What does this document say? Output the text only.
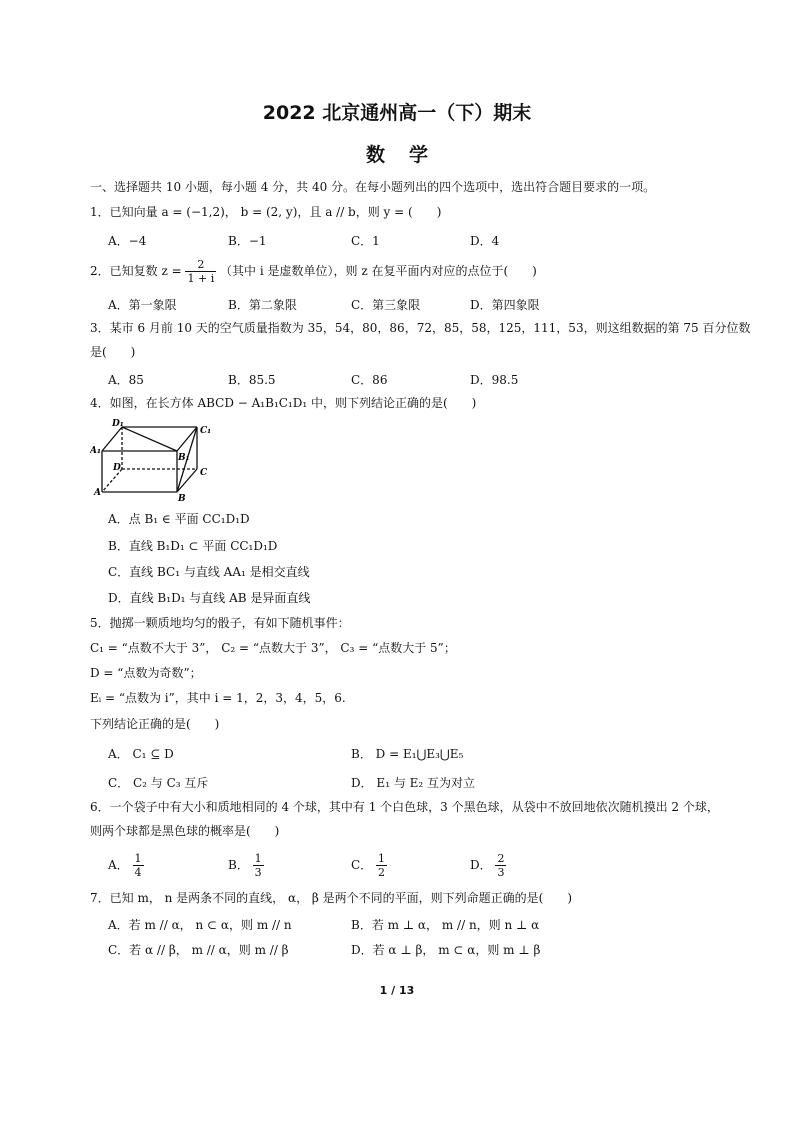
2022 北京通州高一（下）期末
数学
一、选择题共 10 小题，每小题 4 分，共 40 分。在每小题列出的四个选项中，选出符合题目要求的一项。
1．已知向量 a = (−1,2)， b = (2, y)，且 a // b，则 y = (　　)
A．−4	B．−1	C．1	D．4
2．已知复数 $z = \frac{2}{1 + i}$ （其中 i 是虚数单位），则 z 在复平面内对应的点位于(　　)
A．第一象限	B．第二象限	C．第三象限	D．第四象限
3．某市 6 月前 10 天的空气质量指数为 35，54，80，86，72，85，58，125，111，53，则这组数据的第 75 百分位数
是(　　)
A．85	B．85.5	C．86	D．98.5
4．如图，在长方体 ABCD − A₁B₁C₁D₁ 中，则下列结论正确的是(　　)
D₁
C₁
A₁
B₁
D	C
A
B
A．点 B₁ ∈ 平面 CC₁D₁D
B．直线 B₁D₁ ⊂ 平面 CC₁D₁D
C．直线 BC₁ 与直线 AA₁ 是相交直线
D．直线 B₁D₁ 与直线 AB 是异面直线
5．抛掷一颗质地均匀的骰子，有如下随机事件：
C₁ = “点数不大于 3”， C₂ = “点数大于 3”， C₃ = “点数大于 5”；
D = “点数为奇数”；
Eᵢ = “点数为 i”，其中 i = 1，2，3，4，5，6.
下列结论正确的是(　　)
A． C₁ ⊆ D	B． D = E₁⋃E₃⋃E₅
C． C₂ 与 C₃ 互斥	D． E₁ 与 E₂ 互为对立
6．一个袋子中有大小和质地相同的 4 个球，其中有 1 个白色球，3 个黑色球，从袋中不放回地依次随机摸出 2 个球，
则两个球都是黑色球的概率是(　　)
A． $\frac{1}{4}$	B． $\frac{1}{3}$	C． $\frac{1}{2}$	D． $\frac{2}{3}$
7．已知 m， n 是两条不同的直线， α， β 是两个不同的平面，则下列命题正确的是(　　)
A．若 m // α， n ⊂ α，则 m // n	B．若 m ⊥ α， m // n，则 n ⊥ α
C．若 α // β， m // α，则 m // β	D．若 α ⊥ β， m ⊂ α，则 m ⊥ β
1 / 13
